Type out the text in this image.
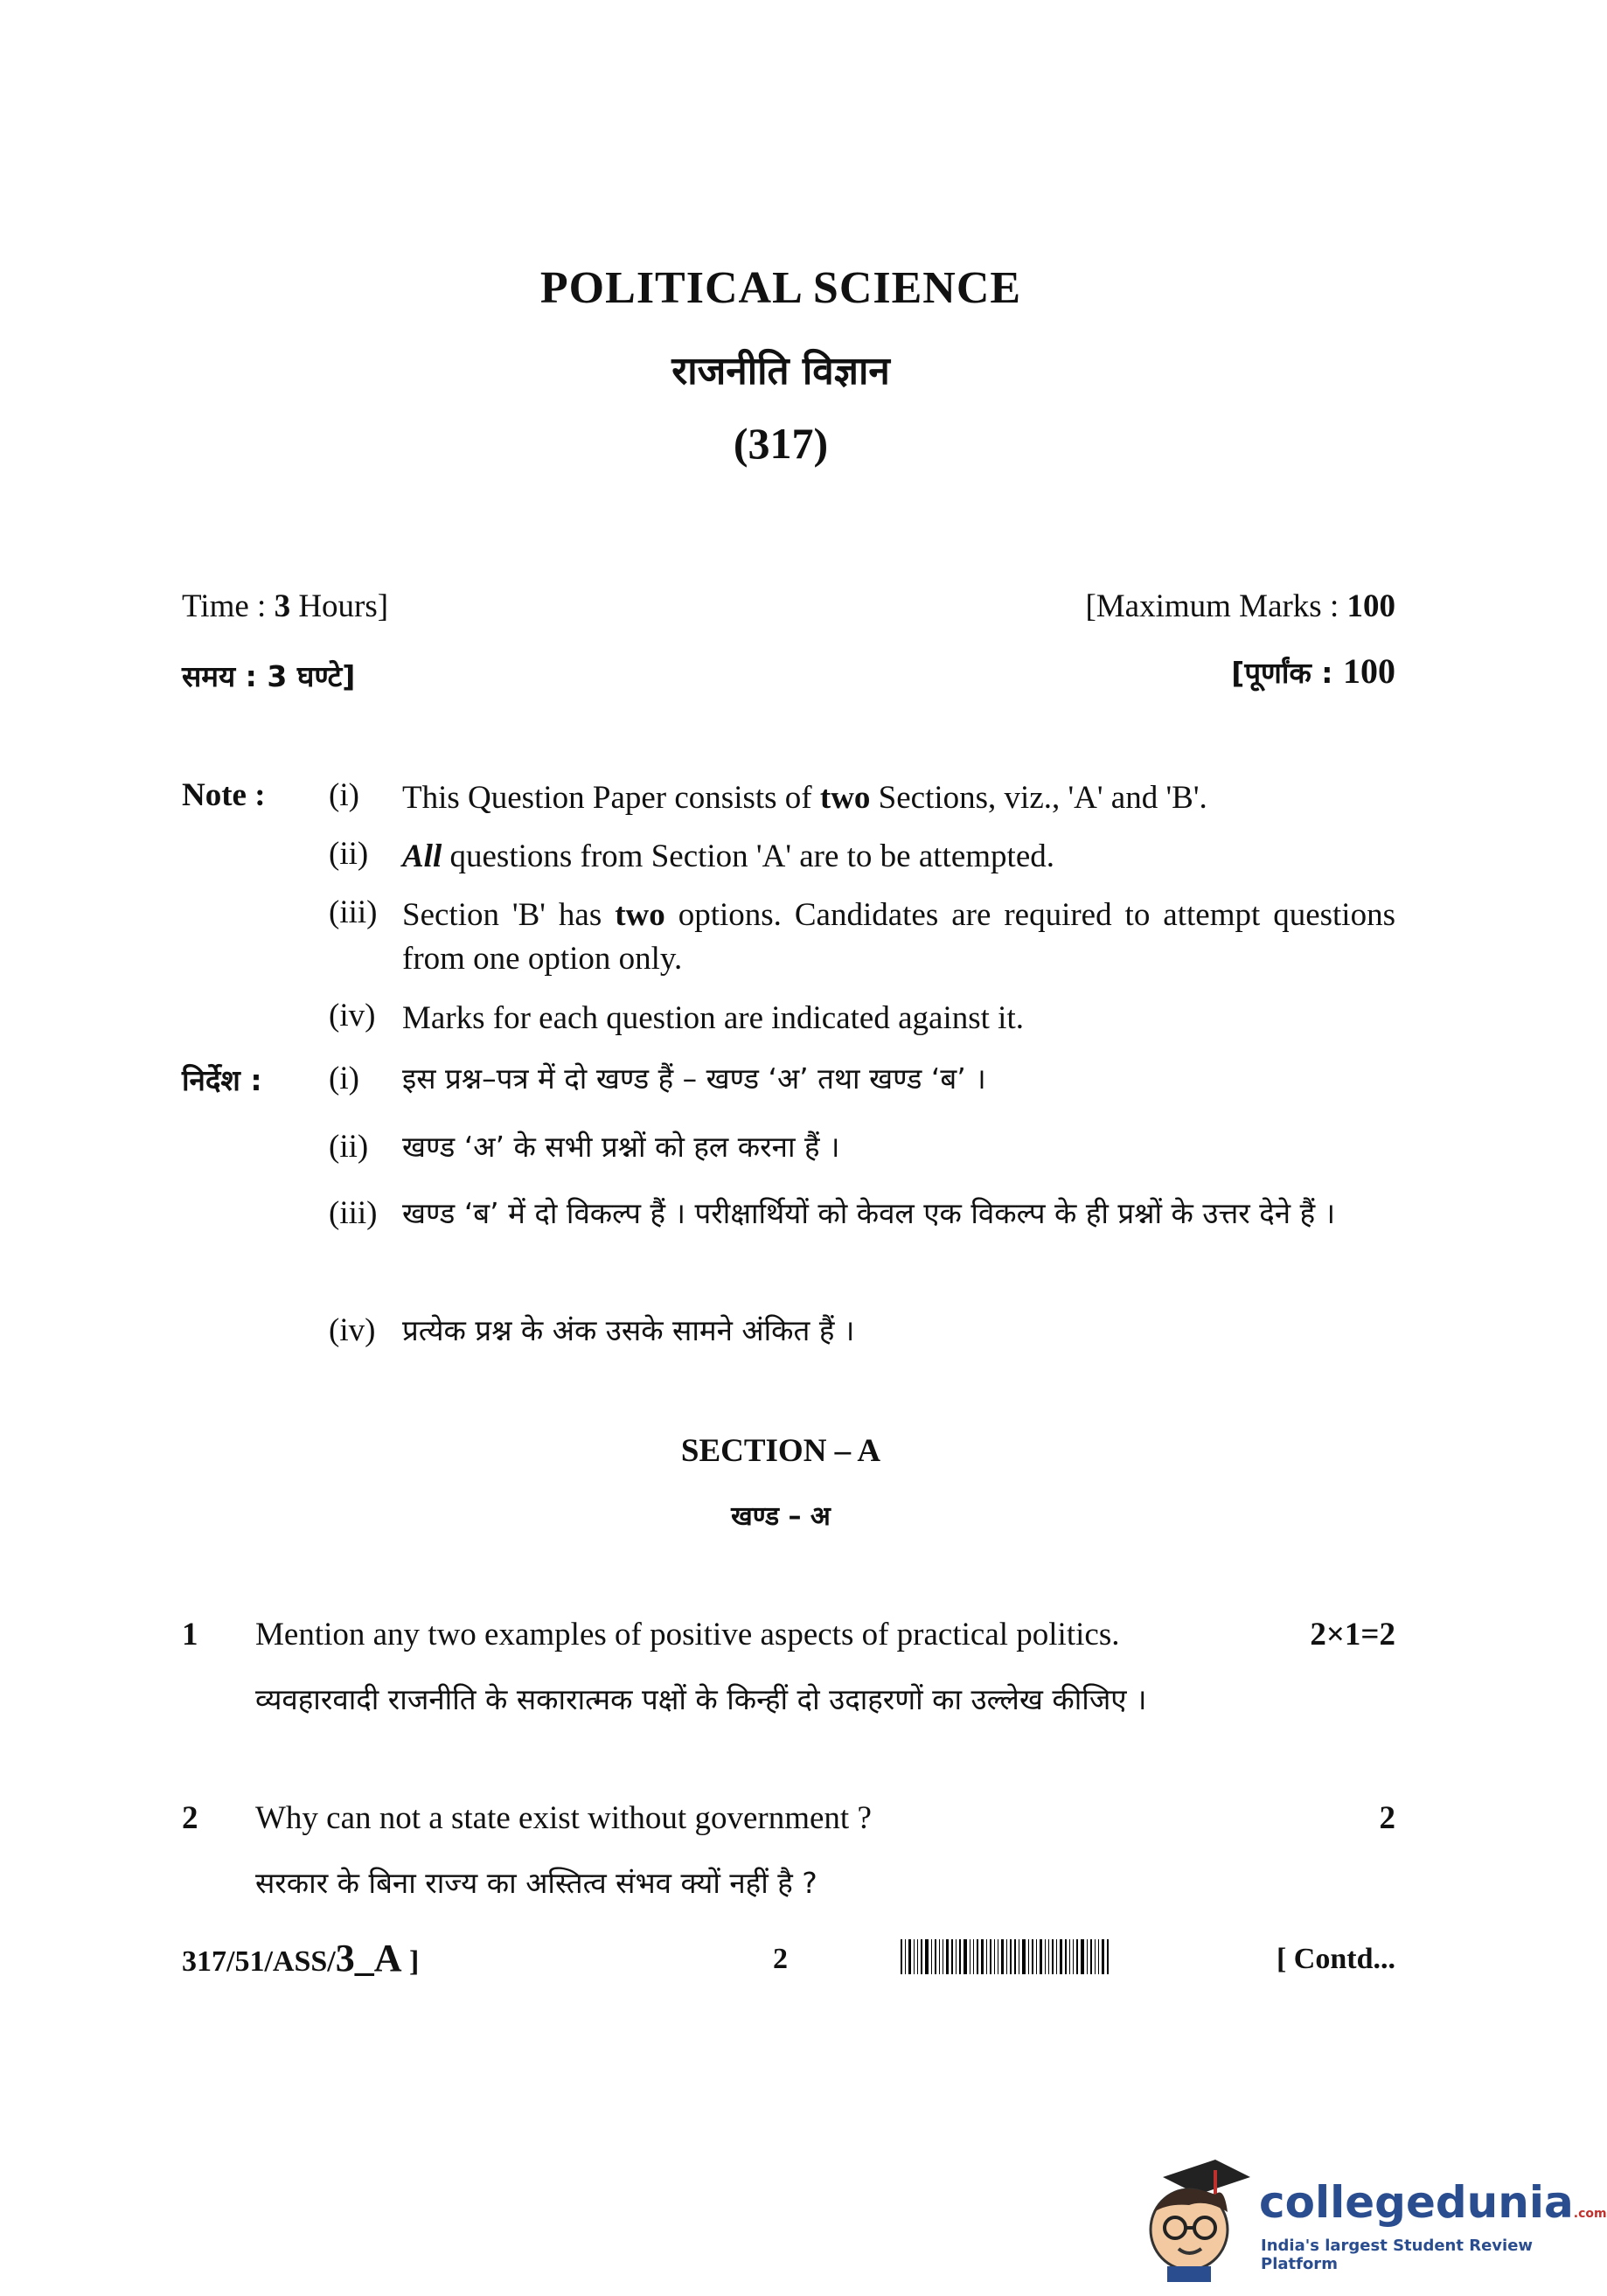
POLITICAL SCIENCE
राजनीति विज्ञान
(317)
Time : 3 Hours]	[Maximum Marks : 100
समय : 3 घण्टे]	[पूर्णांक : 100
Note : (i)	This Question Paper consists of two Sections, viz., 'A' and 'B'.
(ii)	All questions from Section 'A' are to be attempted.
(iii) Section 'B' has two options. Candidates are required to attempt questions from one option only.
(iv) Marks for each question are indicated against it.
निर्देश : (i)	इस प्रश्न–पत्र में दो खण्ड हैं – खण्ड ‘अ’ तथा खण्ड ‘ब’ ।
(ii)	खण्ड ‘अ’ के सभी प्रश्नों को हल करना हैं ।
(iii) खण्ड ‘ब’ में दो विकल्प हैं । परीक्षार्थियों को केवल एक विकल्प के ही प्रश्नों के उत्तर देने हैं ।
(iv) प्रत्येक प्रश्न के अंक उसके सामने अंकित हैं ।
SECTION – A
खण्ड – अ
1 Mention any two examples of positive aspects of practical politics.	2×1=2
व्यवहारवादी राजनीति के सकारात्मक पक्षों के किन्हीं दो उदाहरणों का उल्लेख कीजिए ।
2 Why can not a state exist without government ?	2
सरकार के बिना राज्य का अस्तित्व संभव क्यों नहीं है ?
317/51/ASS/3_A ]	2	[ Contd...
collegedunia.com
India's largest Student Review Platform
